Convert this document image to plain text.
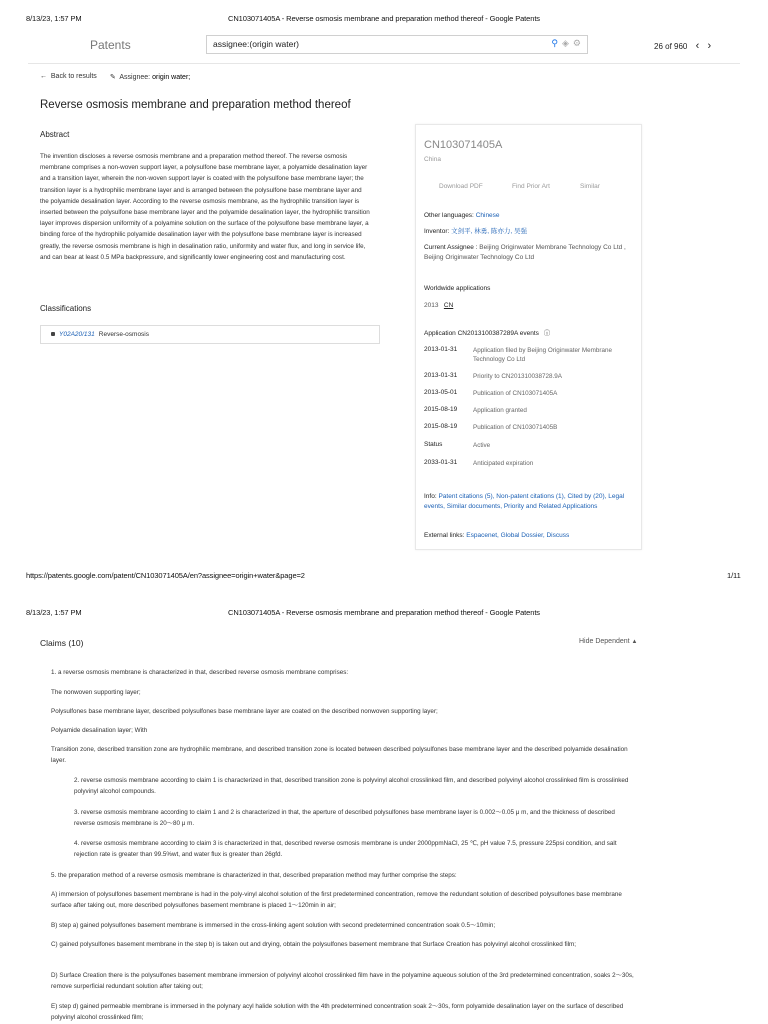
8/13/23, 1:57 PM	CN103071405A - Reverse osmosis membrane and preparation method thereof - Google Patents
Patents
assignee:(origin water)	⚲ ◈ ⚙	26 of 960 ‹ ›
← Back to results ✎ Assignee: origin water;
Reverse osmosis membrane and preparation method thereof
Abstract

The invention discloses a reverse osmosis membrane and a preparation method thereof. The reverse osmosis membrane comprises a non-woven support layer, a polysulfone base membrane layer, a polyamide desalination layer and a transition layer, wherein the non-woven support layer is coated with the polysulfone base membrane layer; the transition layer is a hydrophilic membrane layer and is arranged between the polysulfone base membrane layer and the polyamide desalination layer. According to the reverse osmosis membrane, as the hydrophilic transition layer is inserted between the polysulfone base membrane layer and the polyamide desalination layer, the hydrophilic transition layer improves dispersion uniformity of a polyamine solution on the surface of the polysulfone base membrane layer, a binding force of the hydrophilic polyamide desalination layer with the polysulfone base membrane layer is increased greatly, the reverse osmosis membrane is high in desalination ratio, uniformity and water flux, and long in service life, and can bear at least 0.5 MPa backpressure, and significantly lower engineering cost and manufacturing cost.

Classifications
Y02A20/131 Reverse-osmosis
CN103071405A
China
Download PDF	Find Prior Art	Similar
Other languages: Chinese
Inventor: 文剑平, 林勇, 陈亦力, 吴强
Current Assignee : Beijing Originwater Membrane Technology Co Ltd , Beijing Originwater Technology Co Ltd
Worldwide applications
2013 CN
Application CN2013100387289A events ⓘ
2013-01-31	Application filed by Beijing Originwater Membrane Technology Co Ltd
2013-01-31	Priority to CN201310038728.9A
2013-05-01	Publication of CN103071405A
2015-08-19	Application granted
2015-08-19	Publication of CN103071405B
Status	Active
2033-01-31	Anticipated expiration
Info: Patent citations (5), Non-patent citations (1), Cited by (20), Legal events, Similar documents, Priority and Related Applications
External links: Espacenet, Global Dossier, Discuss
https://patents.google.com/patent/CN103071405A/en?assignee=origin+water&page=2	1/11
8/13/23, 1:57 PM	CN103071405A - Reverse osmosis membrane and preparation method thereof - Google Patents
Claims (10)	Hide Dependent ▲

1. a reverse osmosis membrane is characterized in that, described reverse osmosis membrane comprises:

The nonwoven supporting layer;

Polysulfones base membrane layer, described polysulfones base membrane layer are coated on the described nonwoven supporting layer;

Polyamide desalination layer; With

Transition zone, described transition zone are hydrophilic membrane, and described transition zone is located between described polysulfones base membrane layer and the described polyamide desalination layer.

2. reverse osmosis membrane according to claim 1 is characterized in that, described transition zone is polyvinyl alcohol crosslinked film, and described polyvinyl alcohol crosslinked film is crosslinked polyvinyl alcohol compounds.

3. reverse osmosis membrane according to claim 1 and 2 is characterized in that, the aperture of described polysulfones base membrane layer is 0.002～0.05 μ m, and the thickness of described reverse osmosis membrane is 20～80 μ m.

4. reverse osmosis membrane according to claim 3 is characterized in that, described reverse osmosis membrane is under 2000ppmNaCl, 25 ℃, pH value 7.5, pressure 225psi condition, and salt rejection rate is greater than 99.5%wt, and water flux is greater than 26gfd.

5. the preparation method of a reverse osmosis membrane is characterized in that, described preparation method may further comprise the steps:

A) immersion of polysulfones basement membrane is had in the poly-vinyl alcohol solution of the first predetermined concentration, remove the redundant solution of described polysulfones base membrane surface after taking out, more described polysulfones basement membrane is placed 1～120min in air;

B) step a) gained polysulfones basement membrane is immersed in the cross-linking agent solution with second predetermined concentration soak 0.5～10min;

C) gained polysulfones basement membrane in the step b) is taken out and drying, obtain the polysulfones basement membrane that Surface Creation has polyvinyl alcohol crosslinked film;

D) Surface Creation there is the polysulfones basement membrane immersion of polyvinyl alcohol crosslinked film have in the polyamine aqueous solution of the 3rd predetermined concentration, soaks 2～30s, remove surperficial redundant solution after taking out;

E) step d) gained permeable membrane is immersed in the polynary acyl halide solution with the 4th predetermined concentration soak 2～30s, form polyamide desalination layer on the surface of described polyvinyl alcohol crosslinked film;
